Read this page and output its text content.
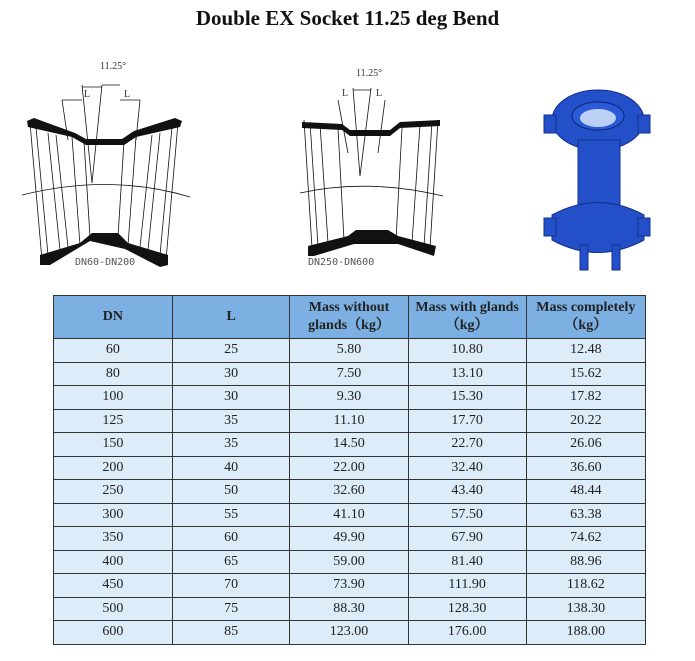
Double EX Socket 11.25 deg Bend
11.25°
L	L
DN60-DN200
11.25°
L	L
DN250-DN600
DN	L	Mass without glands（kg）	Mass with glands（kg）	Mass completely（kg）
60	25	5.80	10.80	12.48
80	30	7.50	13.10	15.62
100	30	9.30	15.30	17.82
125	35	11.10	17.70	20.22
150	35	14.50	22.70	26.06
200	40	22.00	32.40	36.60
250	50	32.60	43.40	48.44
300	55	41.10	57.50	63.38
350	60	49.90	67.90	74.62
400	65	59.00	81.40	88.96
450	70	73.90	111.90	118.62
500	75	88.30	128.30	138.30
600	85	123.00	176.00	188.00
